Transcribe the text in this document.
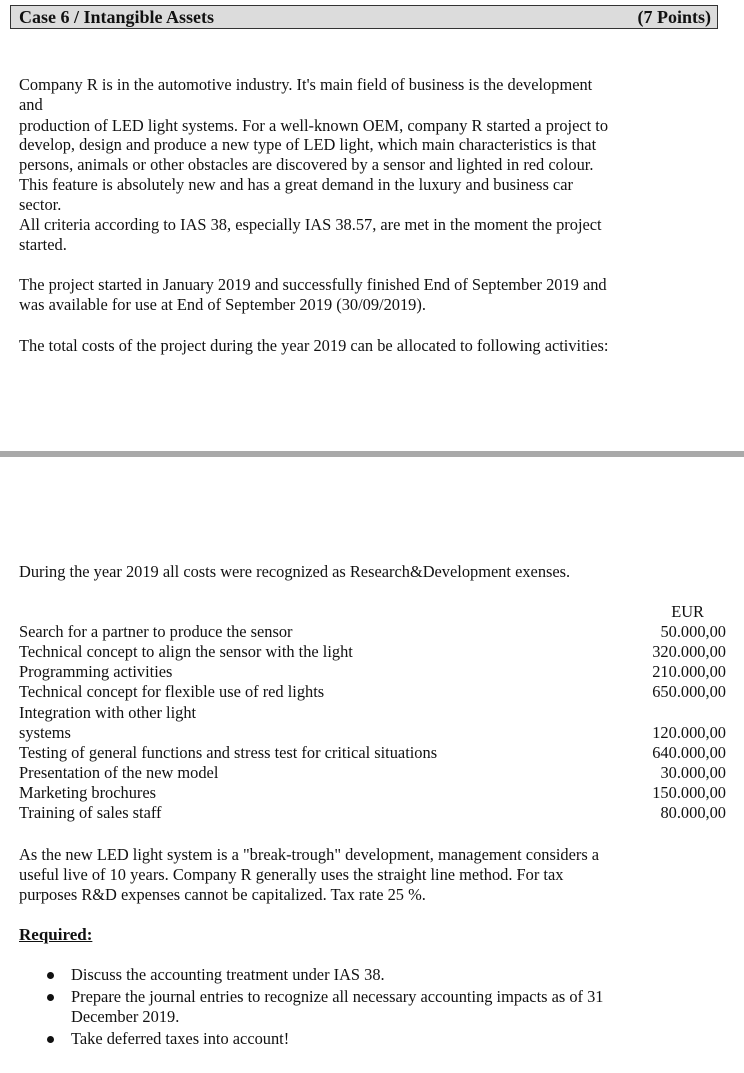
Case 6 / Intangible Assets	(7 Points)
Company R is in the automotive industry. It's main field of business is the development
and
production of LED light systems. For a well-known OEM, company R started a project to
develop, design and produce a new type of LED light, which main characteristics is that
persons, animals or other obstacles are discovered by a sensor and lighted in red colour.
This feature is absolutely new and has a great demand in the luxury and business car
sector.
All criteria according to IAS 38, especially IAS 38.57, are met in the moment the project
started.
The project started in January 2019 and successfully finished End of September 2019 and
was available for use at End of September 2019 (30/09/2019).
The total costs of the project during the year 2019 can be allocated to following activities:
During the year 2019 all costs were recognized as Research&Development exenses.
EUR
Search for a partner to produce the sensor	50.000,00
Technical concept to align the sensor with the light	320.000,00
Programming activities	210.000,00
Technical concept for flexible use of red lights	650.000,00
Integration with other light
systems	120.000,00
Testing of general functions and stress test for critical situations	640.000,00
Presentation of the new model	30.000,00
Marketing brochures	150.000,00
Training of sales staff	80.000,00
As the new LED light system is a "break-trough" development, management considers a
useful live of 10 years. Company R generally uses the straight line method. For tax
purposes R&D expenses cannot be capitalized. Tax rate 25 %.
Required:
Discuss the accounting treatment under IAS 38.
Prepare the journal entries to recognize all necessary accounting impacts as of 31
December 2019.
Take deferred taxes into account!
